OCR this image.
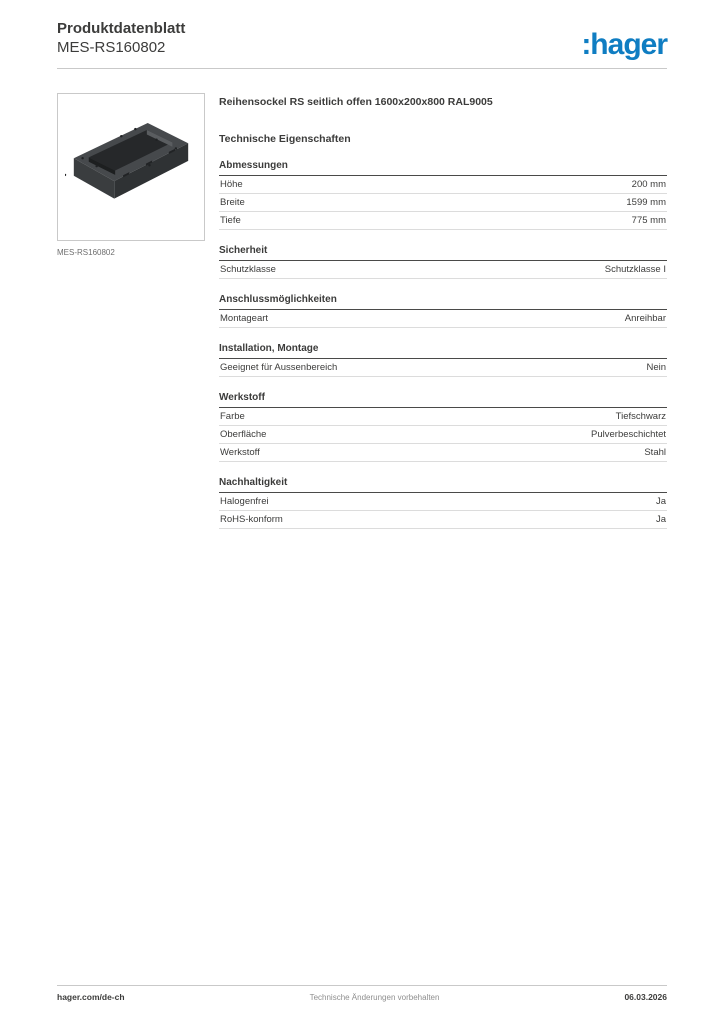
Produktdatenblatt
MES-RS160802	:hager
MES-RS160802
Reihensockel RS seitlich offen 1600x200x800 RAL9005
Technische Eigenschaften
Abmessungen
Höhe	200 mm
Breite	1599 mm
Tiefe	775 mm
Sicherheit
Schutzklasse	Schutzklasse I
Anschlussmöglichkeiten
Montageart	Anreihbar
Installation, Montage
Geeignet für Aussenbereich	Nein
Werkstoff
Farbe	Tiefschwarz
Oberfläche	Pulverbeschichtet
Werkstoff	Stahl
Nachhaltigkeit
Halogenfrei	Ja
RoHS-konform	Ja
hager.com/de-ch	Technische Änderungen vorbehalten	06.03.2026
